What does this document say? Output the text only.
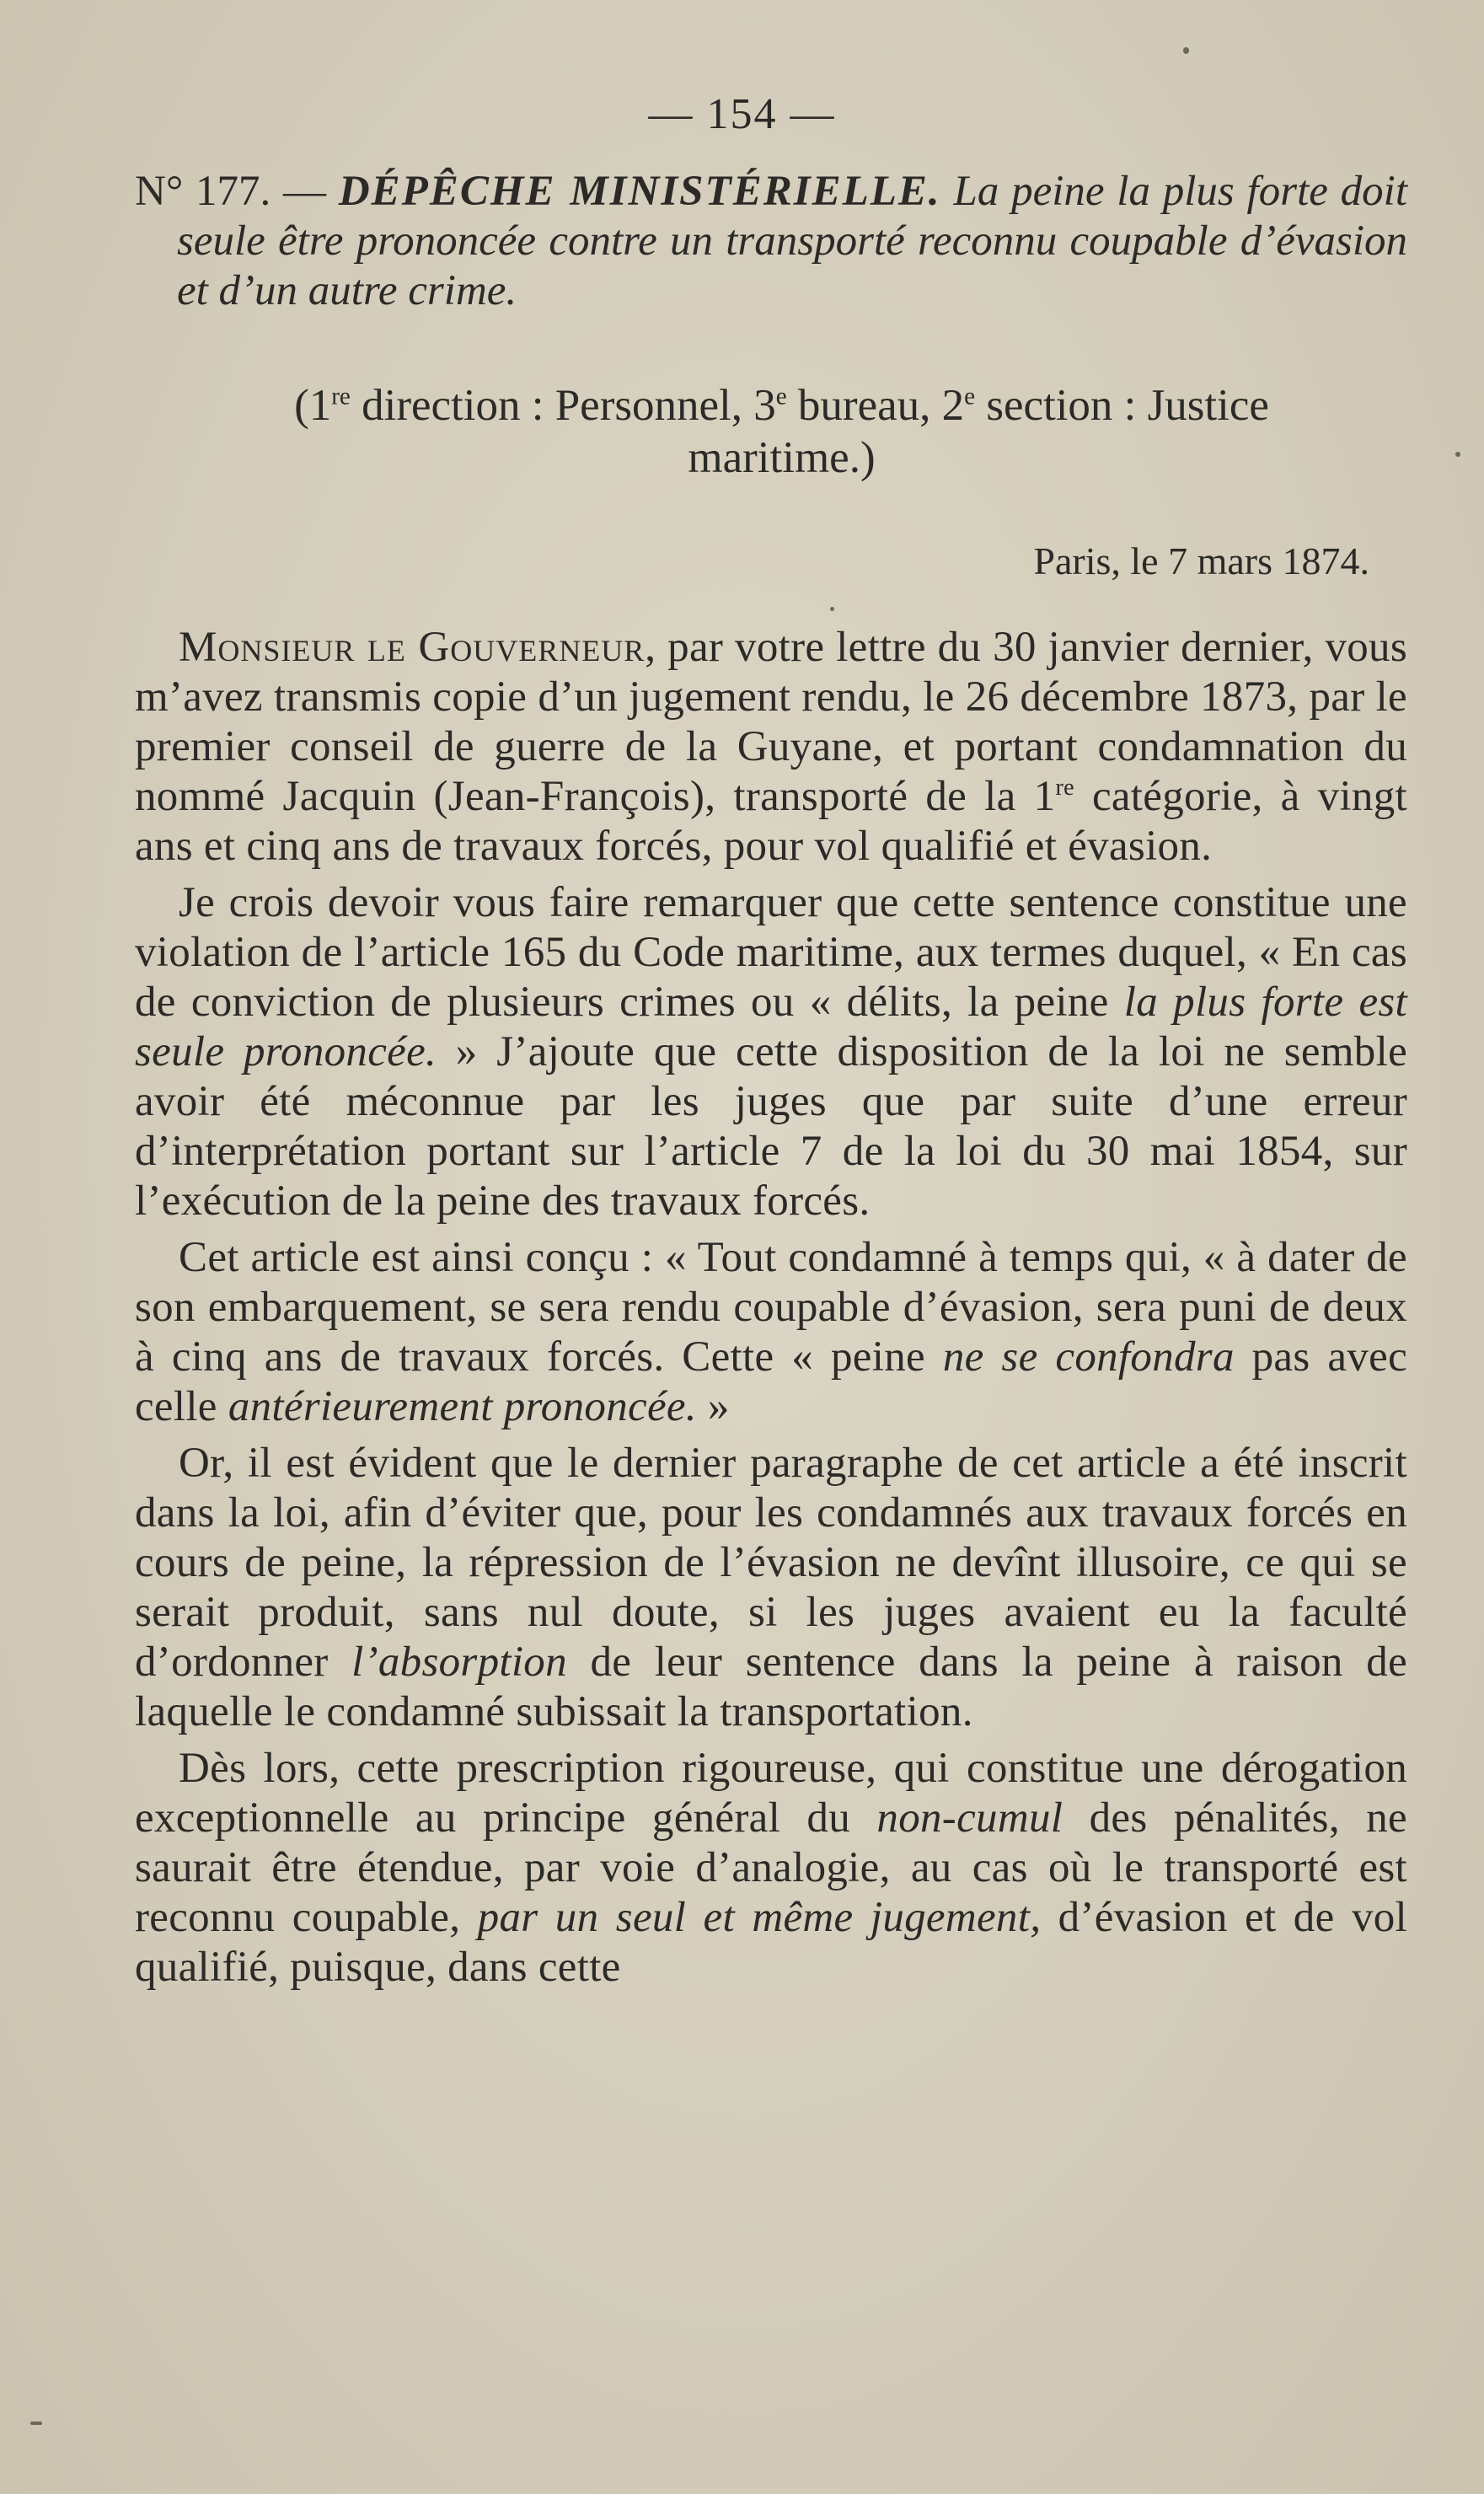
— 154 —

N° 177. — DÉPÊCHE MINISTÉRIELLE. La peine la plus forte doit seule être prononcée contre un transporté reconnu coupable d’évasion et d’un autre crime.

(1re direction : Personnel, 3e bureau, 2e section : Justice maritime.)

Paris, le 7 mars 1874.

Monsieur le Gouverneur, par votre lettre du 30 janvier dernier, vous m’avez transmis copie d’un jugement rendu, le 26 décembre 1873, par le premier conseil de guerre de la Guyane, et portant condamnation du nommé Jacquin (Jean-François), transporté de la 1re catégorie, à vingt ans et cinq ans de travaux forcés, pour vol qualifié et évasion.

Je crois devoir vous faire remarquer que cette sentence constitue une violation de l’article 165 du Code maritime, aux termes duquel, « En cas de conviction de plusieurs crimes ou « délits, la peine la plus forte est seule prononcée. » J’ajoute que cette disposition de la loi ne semble avoir été méconnue par les juges que par suite d’une erreur d’interprétation portant sur l’article 7 de la loi du 30 mai 1854, sur l’exécution de la peine des travaux forcés.

Cet article est ainsi conçu : « Tout condamné à temps qui, « à dater de son embarquement, se sera rendu coupable d’évasion, sera puni de deux à cinq ans de travaux forcés. Cette « peine ne se confondra pas avec celle antérieurement prononcée. »

Or, il est évident que le dernier paragraphe de cet article a été inscrit dans la loi, afin d’éviter que, pour les condamnés aux travaux forcés en cours de peine, la répression de l’évasion ne devînt illusoire, ce qui se serait produit, sans nul doute, si les juges avaient eu la faculté d’ordonner l’absorption de leur sentence dans la peine à raison de laquelle le condamné subissait la transportation.

Dès lors, cette prescription rigoureuse, qui constitue une dérogation exceptionnelle au principe général du non-cumul des pénalités, ne saurait être étendue, par voie d’analogie, au cas où le transporté est reconnu coupable, par un seul et même jugement, d’évasion et de vol qualifié, puisque, dans cette
